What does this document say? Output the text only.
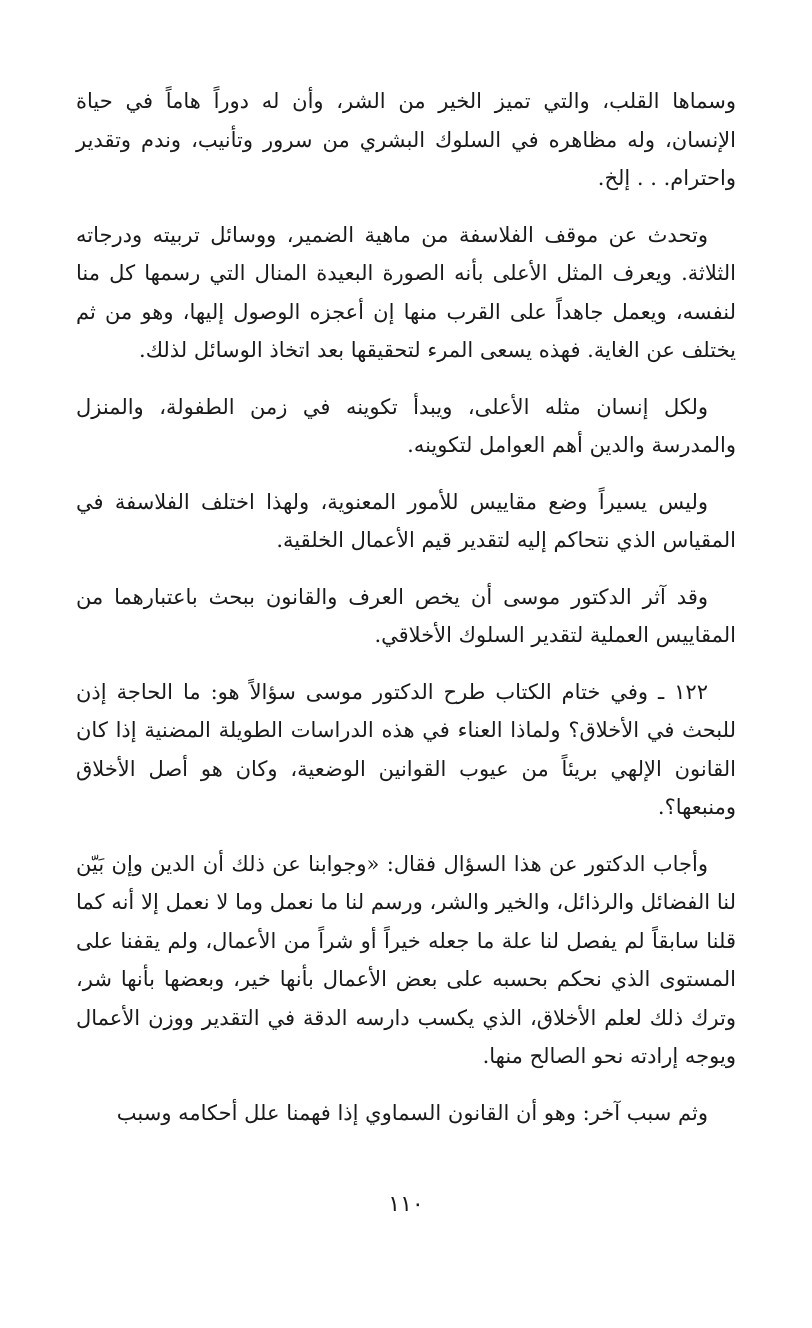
وسماها القلب، والتي تميز الخير من الشر، وأن له دوراً هاماً في حياة الإنسان، وله مظاهره في السلوك البشري من سرور وتأنيب، وندم وتقدير واحترام. . . إلخ.

وتحدث عن موقف الفلاسفة من ماهية الضمير، ووسائل تربيته ودرجاته الثلاثة. ويعرف المثل الأعلى بأنه الصورة البعيدة المنال التي رسمها كل منا لنفسه، ويعمل جاهداً على القرب منها إن أعجزه الوصول إليها، وهو من ثم يختلف عن الغاية. فهذه يسعى المرء لتحقيقها بعد اتخاذ الوسائل لذلك.

ولكل إنسان مثله الأعلى، ويبدأ تكوينه في زمن الطفولة، والمنزل والمدرسة والدين أهم العوامل لتكوينه.

وليس يسيراً وضع مقاييس للأمور المعنوية، ولهذا اختلف الفلاسفة في المقياس الذي نتحاكم إليه لتقدير قيم الأعمال الخلقية.

وقد آثر الدكتور موسى أن يخص العرف والقانون ببحث باعتبارهما من المقاييس العملية لتقدير السلوك الأخلاقي.

١٢٢ ـ وفي ختام الكتاب طرح الدكتور موسى سؤالاً هو: ما الحاجة إذن للبحث في الأخلاق؟ ولماذا العناء في هذه الدراسات الطويلة المضنية إذا كان القانون الإلهي بريئاً من عيوب القوانين الوضعية، وكان هو أصل الأخلاق ومنبعها؟.

وأجاب الدكتور عن هذا السؤال فقال: «وجوابنا عن ذلك أن الدين وإن بَيّن لنا الفضائل والرذائل، والخير والشر، ورسم لنا ما نعمل وما لا نعمل إلا أنه كما قلنا سابقاً لم يفصل لنا علة ما جعله خيراً أو شراً من الأعمال، ولم يقفنا على المستوى الذي نحكم بحسبه على بعض الأعمال بأنها خير، وبعضها بأنها شر، وترك ذلك لعلم الأخلاق، الذي يكسب دارسه الدقة في التقدير ووزن الأعمال ويوجه إرادته نحو الصالح منها.

وثم سبب آخر: وهو أن القانون السماوي إذا فهمنا علل أحكامه وسبب

١١٠
